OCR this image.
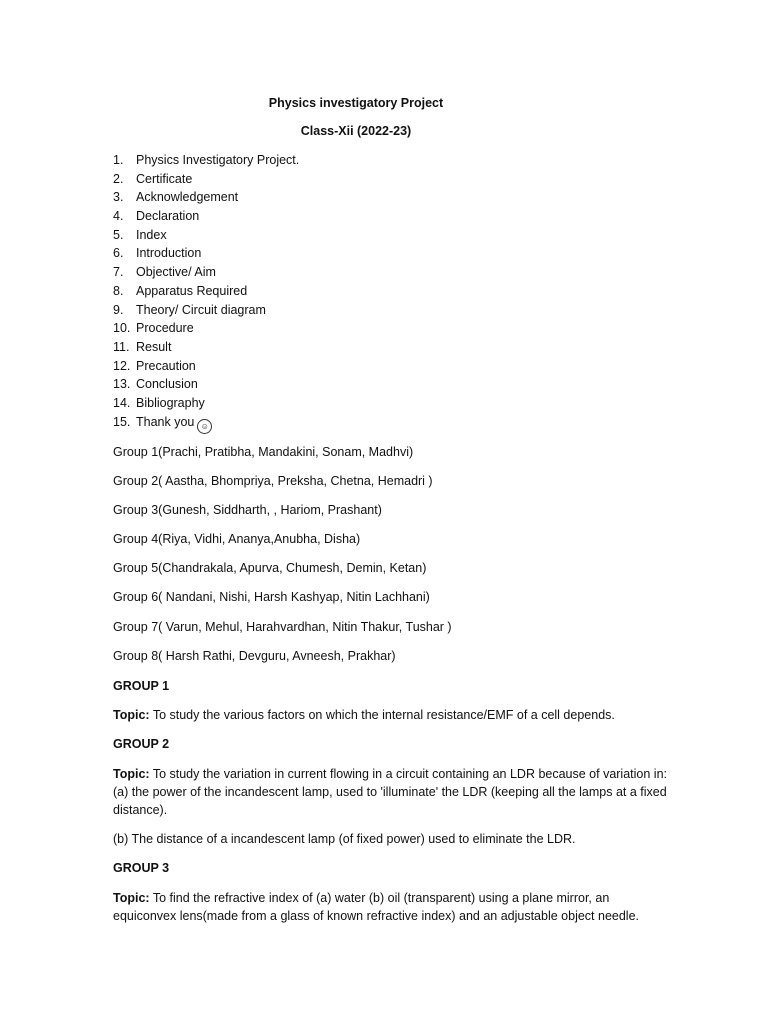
Physics investigatory Project
Class-Xii (2022-23)
1. Physics Investigatory Project.
2. Certificate
3. Acknowledgement
4. Declaration
5. Index
6. Introduction
7. Objective/ Aim
8. Apparatus Required
9. Theory/ Circuit diagram
10. Procedure
11. Result
12. Precaution
13. Conclusion
14. Bibliography
15. Thank you ☺
Group 1(Prachi, Pratibha, Mandakini, Sonam, Madhvi)
Group 2( Aastha, Bhompriya, Preksha, Chetna, Hemadri )
Group 3(Gunesh, Siddharth, , Hariom, Prashant)
Group 4(Riya, Vidhi, Ananya,Anubha, Disha)
Group 5(Chandrakala, Apurva, Chumesh, Demin, Ketan)
Group 6( Nandani, Nishi, Harsh Kashyap, Nitin Lachhani)
Group 7( Varun, Mehul, Harahvardhan, Nitin Thakur, Tushar )
Group 8( Harsh Rathi, Devguru, Avneesh, Prakhar)
GROUP 1

Topic: To study the various factors on which the internal resistance/EMF of a cell depends.

GROUP 2

Topic: To study the variation in current flowing in a circuit containing an LDR because of variation in: (a) the power of the incandescent lamp, used to 'illuminate' the LDR (keeping all the lamps at a fixed distance).

(b) The distance of a incandescent lamp (of fixed power) used to eliminate the LDR.

GROUP 3

Topic: To find the refractive index of (a) water (b) oil (transparent) using a plane mirror, an equiconvex lens(made from a glass of known refractive index) and an adjustable object needle.
